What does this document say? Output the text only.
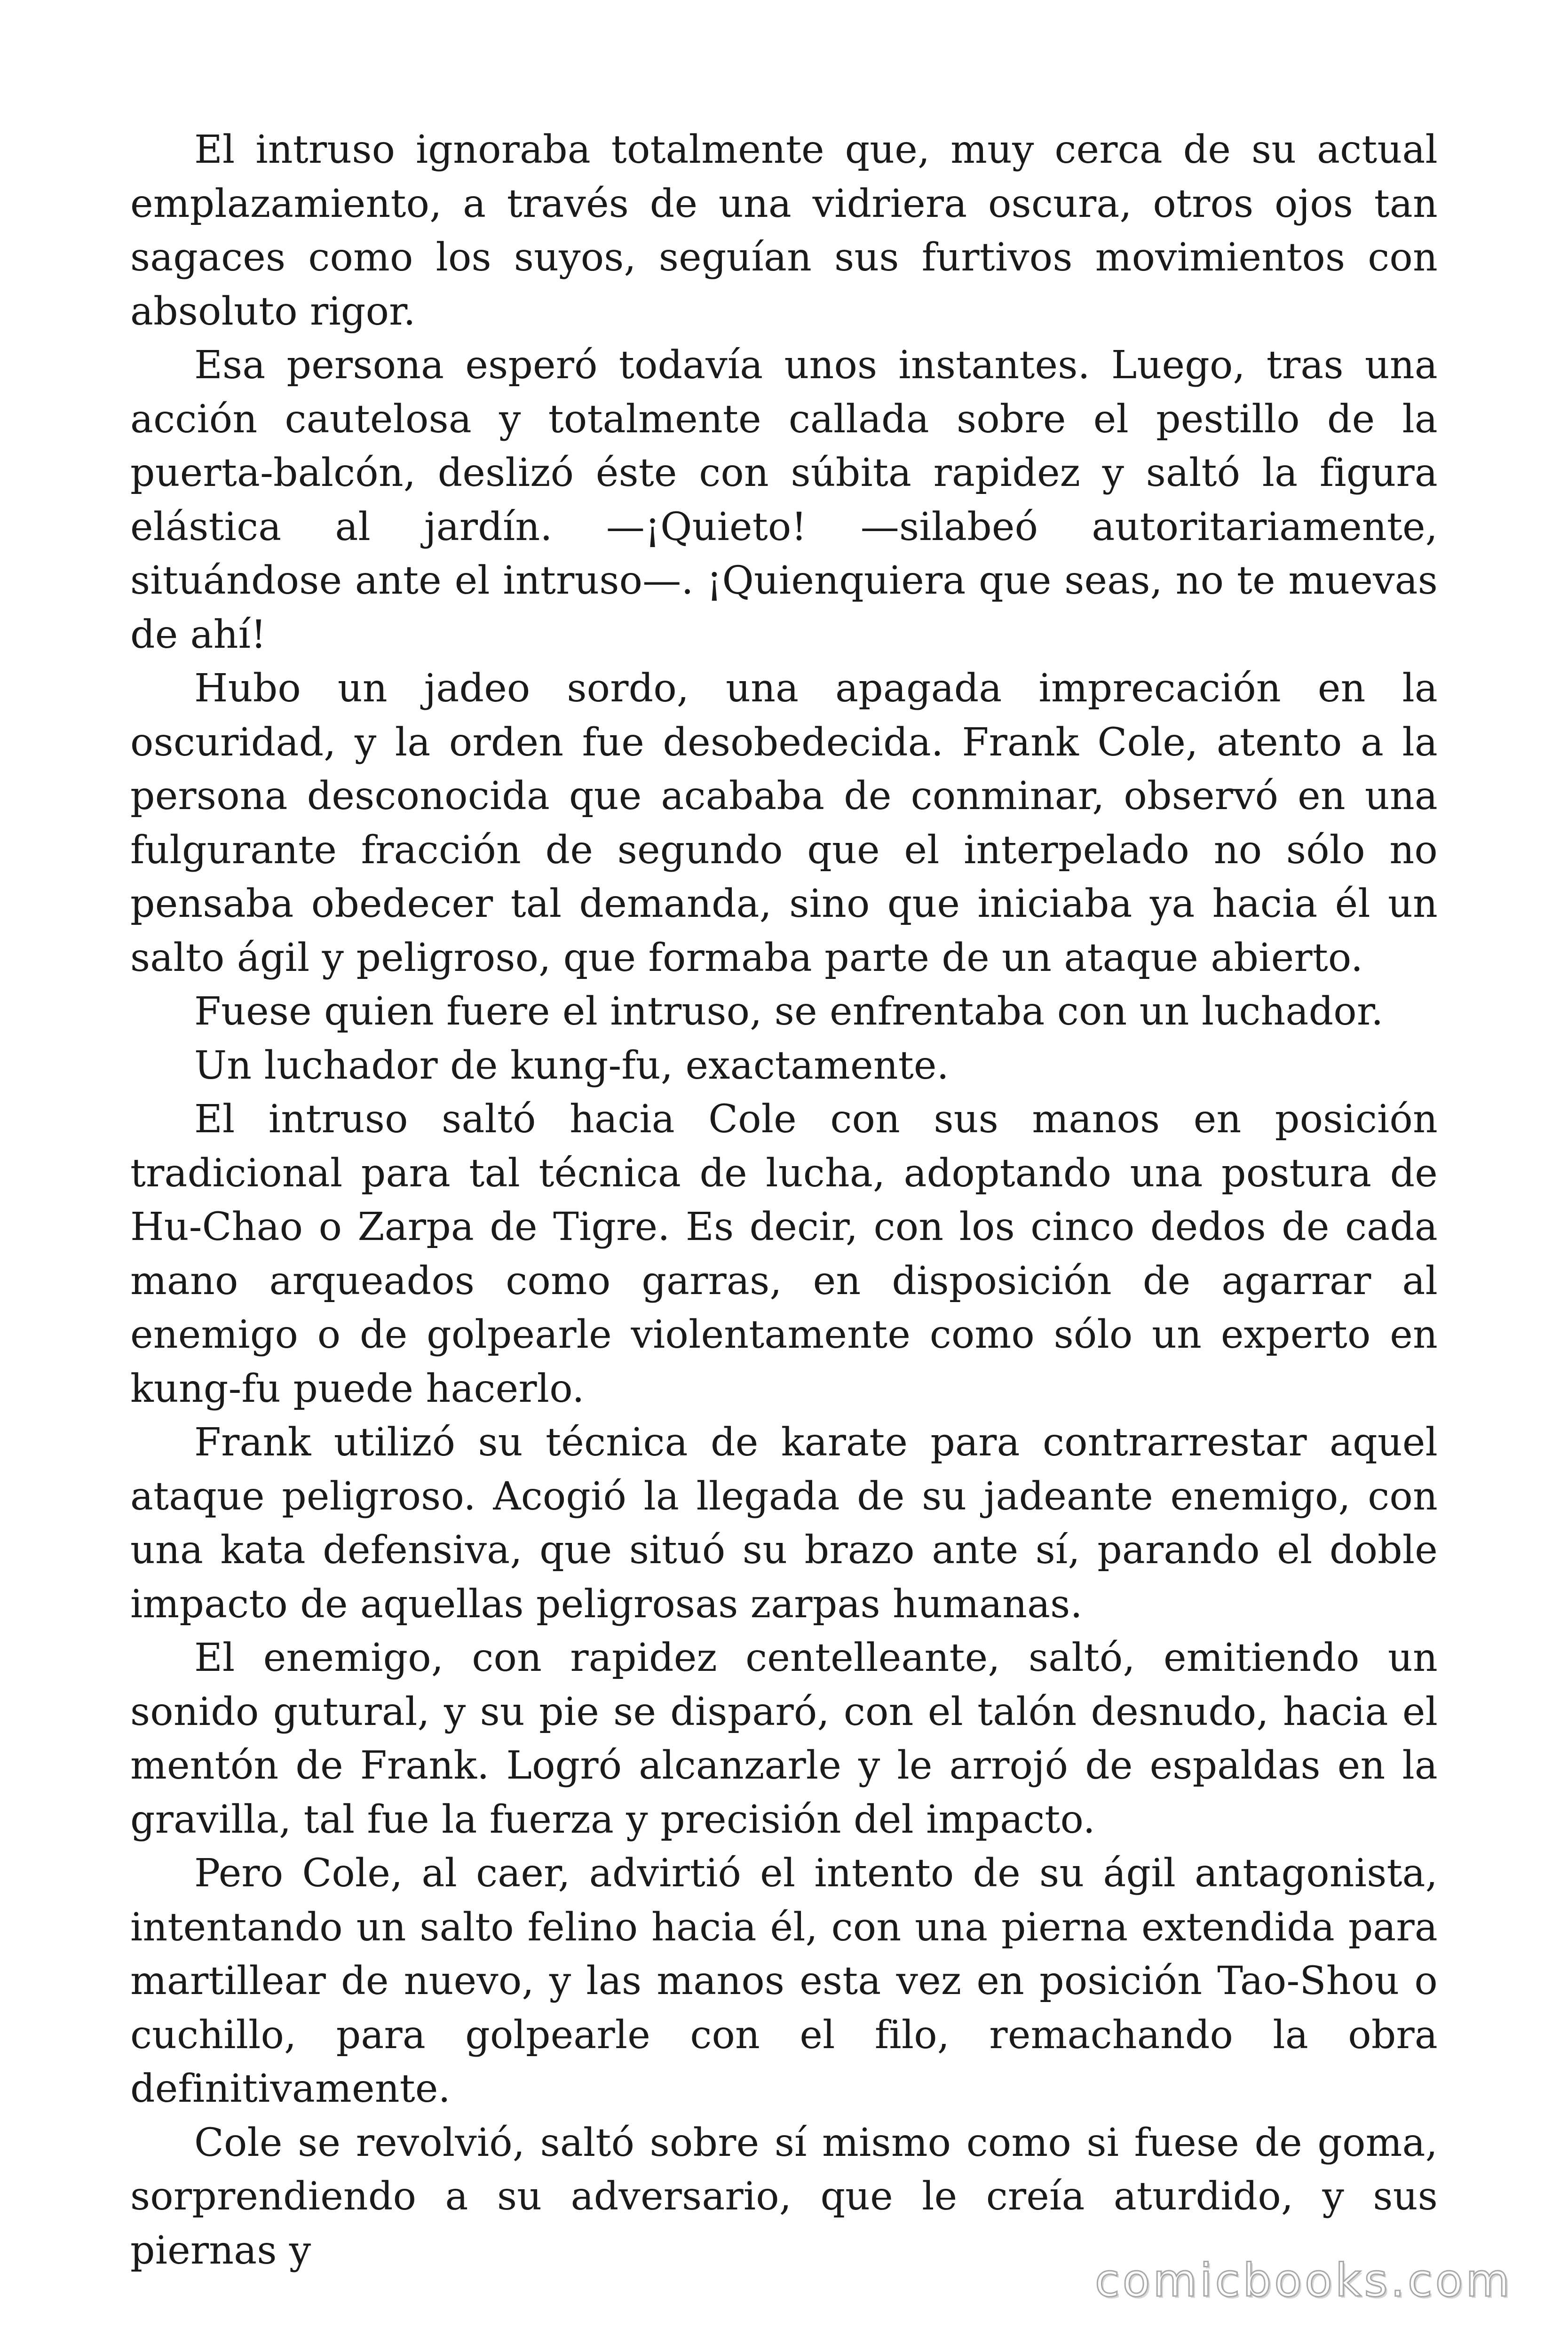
El intruso ignoraba totalmente que, muy cerca de su actual emplazamiento, a través de una vidriera oscura, otros ojos tan sagaces como los suyos, seguían sus furtivos movimientos con absoluto rigor.

Esa persona esperó todavía unos instantes. Luego, tras una acción cautelosa y totalmente callada sobre el pestillo de la puerta-balcón, deslizó éste con súbita rapidez y saltó la figura elástica al jardín. —¡Quieto! —silabeó autoritariamente, situándose ante el intruso—. ¡Quienquiera que seas, no te muevas de ahí!

Hubo un jadeo sordo, una apagada imprecación en la oscuridad, y la orden fue desobedecida. Frank Cole, atento a la persona desconocida que acababa de conminar, observó en una fulgurante fracción de segundo que el interpelado no sólo no pensaba obedecer tal demanda, sino que iniciaba ya hacia él un salto ágil y peligroso, que formaba parte de un ataque abierto.

Fuese quien fuere el intruso, se enfrentaba con un luchador.

Un luchador de kung-fu, exactamente.

El intruso saltó hacia Cole con sus manos en posición tradicional para tal técnica de lucha, adoptando una postura de Hu-Chao o Zarpa de Tigre. Es decir, con los cinco dedos de cada mano arqueados como garras, en disposición de agarrar al enemigo o de golpearle violentamente como sólo un experto en kung-fu puede hacerlo.

Frank utilizó su técnica de karate para contrarrestar aquel ataque peligroso. Acogió la llegada de su jadeante enemigo, con una kata defensiva, que situó su brazo ante sí, parando el doble impacto de aquellas peligrosas zarpas humanas.

El enemigo, con rapidez centelleante, saltó, emitiendo un sonido gutural, y su pie se disparó, con el talón desnudo, hacia el mentón de Frank. Logró alcanzarle y le arrojó de espaldas en la gravilla, tal fue la fuerza y precisión del impacto.

Pero Cole, al caer, advirtió el intento de su ágil antagonista, intentando un salto felino hacia él, con una pierna extendida para martillear de nuevo, y las manos esta vez en posición Tao-Shou o cuchillo, para golpearle con el filo, remachando la obra definitivamente.

Cole se revolvió, saltó sobre sí mismo como si fuese de goma, sorprendiendo a su adversario, que le creía aturdido, y sus piernas y

comicbooks.com
